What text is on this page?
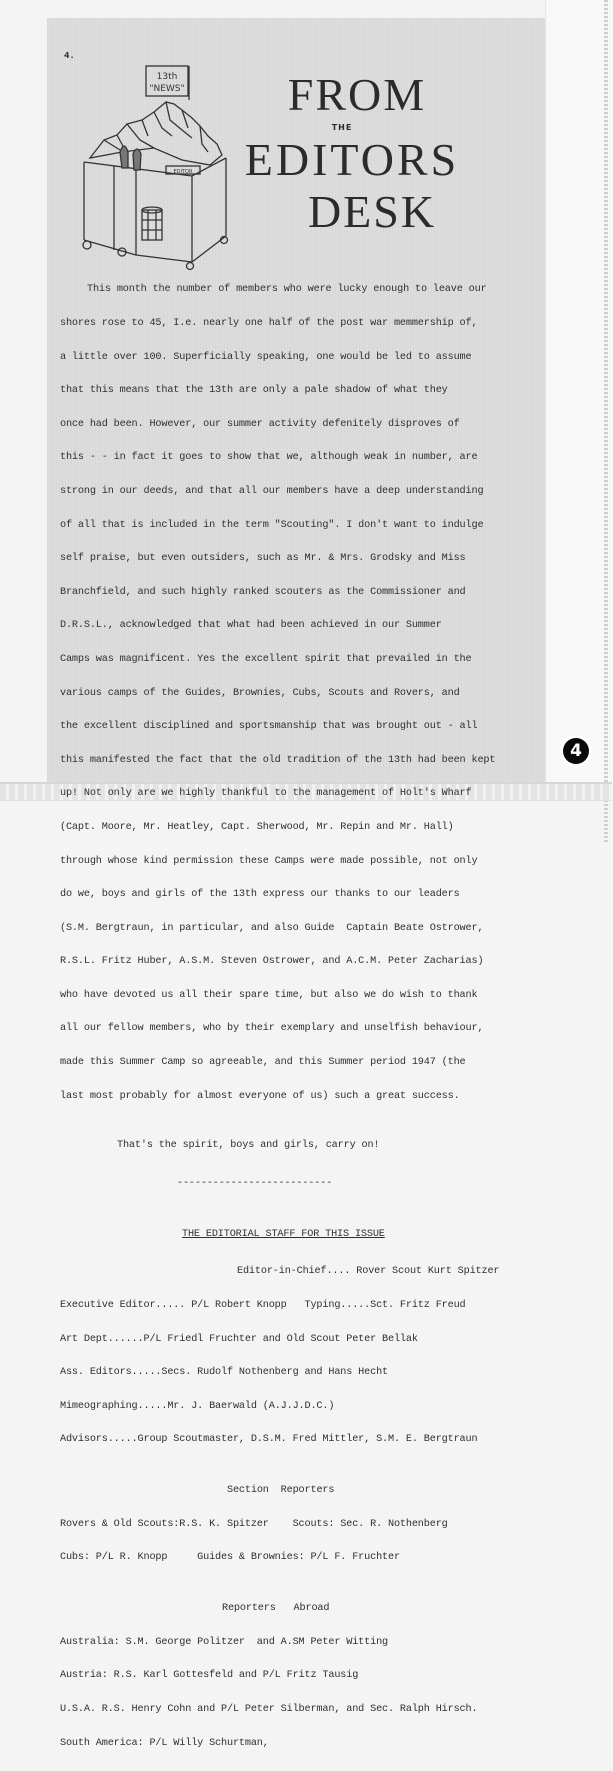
4.
13th
"NEWS"
EDITOR
FROM
THE
EDITORS
DESK

This month the number of members who were lucky enough to leave our

shores rose to 45, I.e. nearly one half of the post war memmership of,

a little over 100. Superficially speaking, one would be led to assume

that this means that the 13th are only a pale shadow of what they

once had been. However, our summer activity defenitely disproves of

this - - in fact it goes to show that we, although weak in number, are

strong in our deeds, and that all our members have a deep understanding

of all that is included in the term "Scouting". I don't want to indulge

self praise, but even outsiders, such as Mr. & Mrs. Grodsky and Miss

Branchfield, and such highly ranked scouters as the Commissioner and

D.R.S.L., acknowledged that what had been achieved in our Summer

Camps was magnificent. Yes the excellent spirit that prevailed in the

various camps of the Guides, Brownies, Cubs, Scouts and Rovers, and

the excellent disciplined and sportsmanship that was brought out - all

this manifested the fact that the old tradition of the 13th had been kept

up! Not only are we highly thankful to the management of Holt's Wharf

(Capt. Moore, Mr. Heatley, Capt. Sherwood, Mr. Repin and Mr. Hall)

through whose kind permission these Camps were made possible, not only

do we, boys and girls of the 13th express our thanks to our leaders

(S.M. Bergtraun, in particular, and also Guide  Captain Beate Ostrower,

R.S.L. Fritz Huber, A.S.M. Steven Ostrower, and A.C.M. Peter Zacharias)

who have devoted us all their spare time, but also we do wish to thank

all our fellow members, who by their exemplary and unselfish behaviour,

made this Summer Camp so agreeable, and this Summer period 1947 (the

last most probably for almost everyone of us) such a great success.

That's the spirit, boys and girls, carry on!

--------------------------

THE EDITORIAL STAFF FOR THIS ISSUE

Editor-in-Chief.... Rover Scout Kurt Spitzer

Executive Editor..... P/L Robert Knopp   Typing.....Sct. Fritz Freud

Art Dept......P/L Friedl Fruchter and Old Scout Peter Bellak

Ass. Editors.....Secs. Rudolf Nothenberg and Hans Hecht

Mimeographing.....Mr. J. Baerwald (A.J.J.D.C.)

Advisors.....Group Scoutmaster, D.S.M. Fred Mittler, S.M. E. Bergtraun

Section  Reporters

Rovers & Old Scouts:R.S. K. Spitzer    Scouts: Sec. R. Nothenberg

Cubs: P/L R. Knopp     Guides & Brownies: P/L F. Fruchter

Reporters   Abroad

Australia: S.M. George Politzer  and A.SM Peter Witting

Austria: R.S. Karl Gottesfeld and P/L Fritz Tausig

U.S.A. R.S. Henry Cohn and P/L Peter Silberman, and Sec. Ralph Hirsch.

South America: P/L Willy Schurtman,

4
